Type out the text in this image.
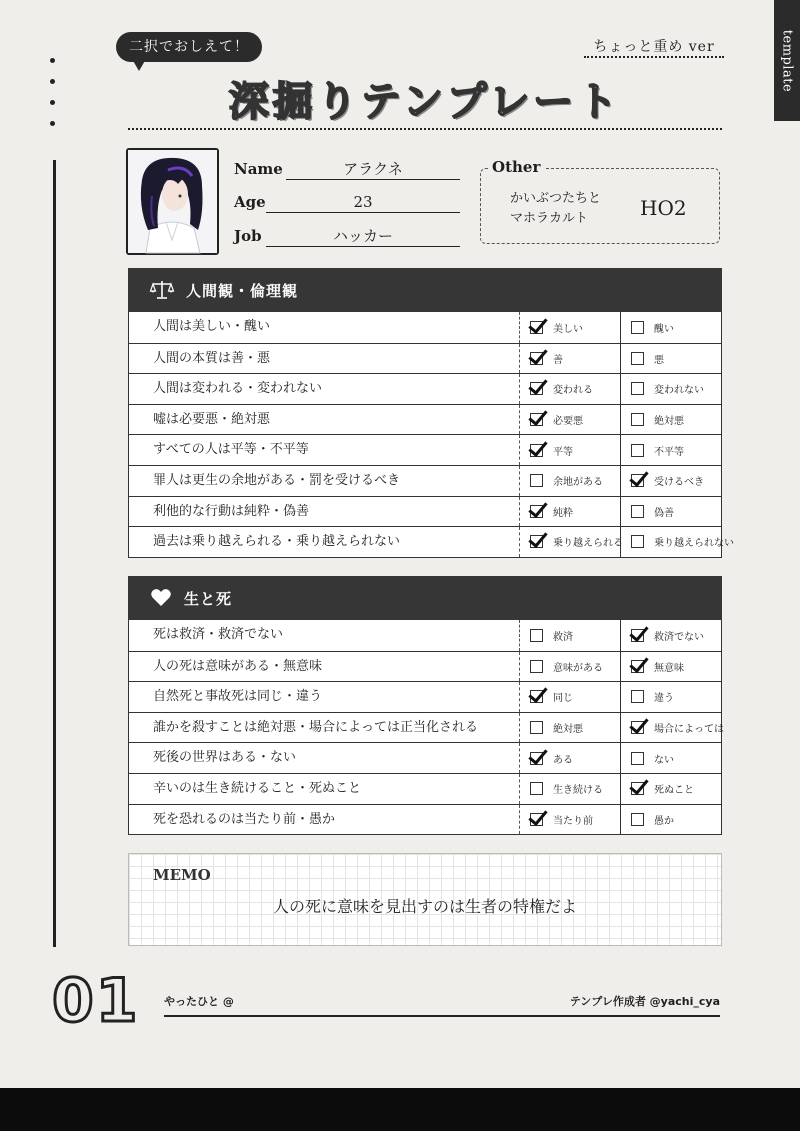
template
二択でおしえて！	ちょっと重め ver
深掘りテンプレート
Name	アラクネ
Age	23
Job	ハッカー
Other
かいぶつたちと
マホラカルト	HO2
人間観・倫理観
人間は美しい・醜い	美しい	醜い
人間の本質は善・悪	善	悪
人間は変われる・変われない	変われる	変われない
嘘は必要悪・絶対悪	必要悪	絶対悪
すべての人は平等・不平等	平等	不平等
罪人は更生の余地がある・罰を受けるべき	余地がある	受けるべき
利他的な行動は純粋・偽善	純粋	偽善
過去は乗り越えられる・乗り越えられない	乗り越えられる	乗り越えられない
生と死
死は救済・救済でない	救済	救済でない
人の死は意味がある・無意味	意味がある	無意味
自然死と事故死は同じ・違う	同じ	違う
誰かを殺すことは絶対悪・場合によっては正当化される	絶対悪	場合によっては
死後の世界はある・ない	ある	ない
辛いのは生き続けること・死ぬこと	生き続ける	死ぬこと
死を恐れるのは当たり前・愚か	当たり前	愚か
MEMO
人の死に意味を見出すのは生者の特権だよ
01 やったひと @	テンプレ作成者 @yachi_cya
